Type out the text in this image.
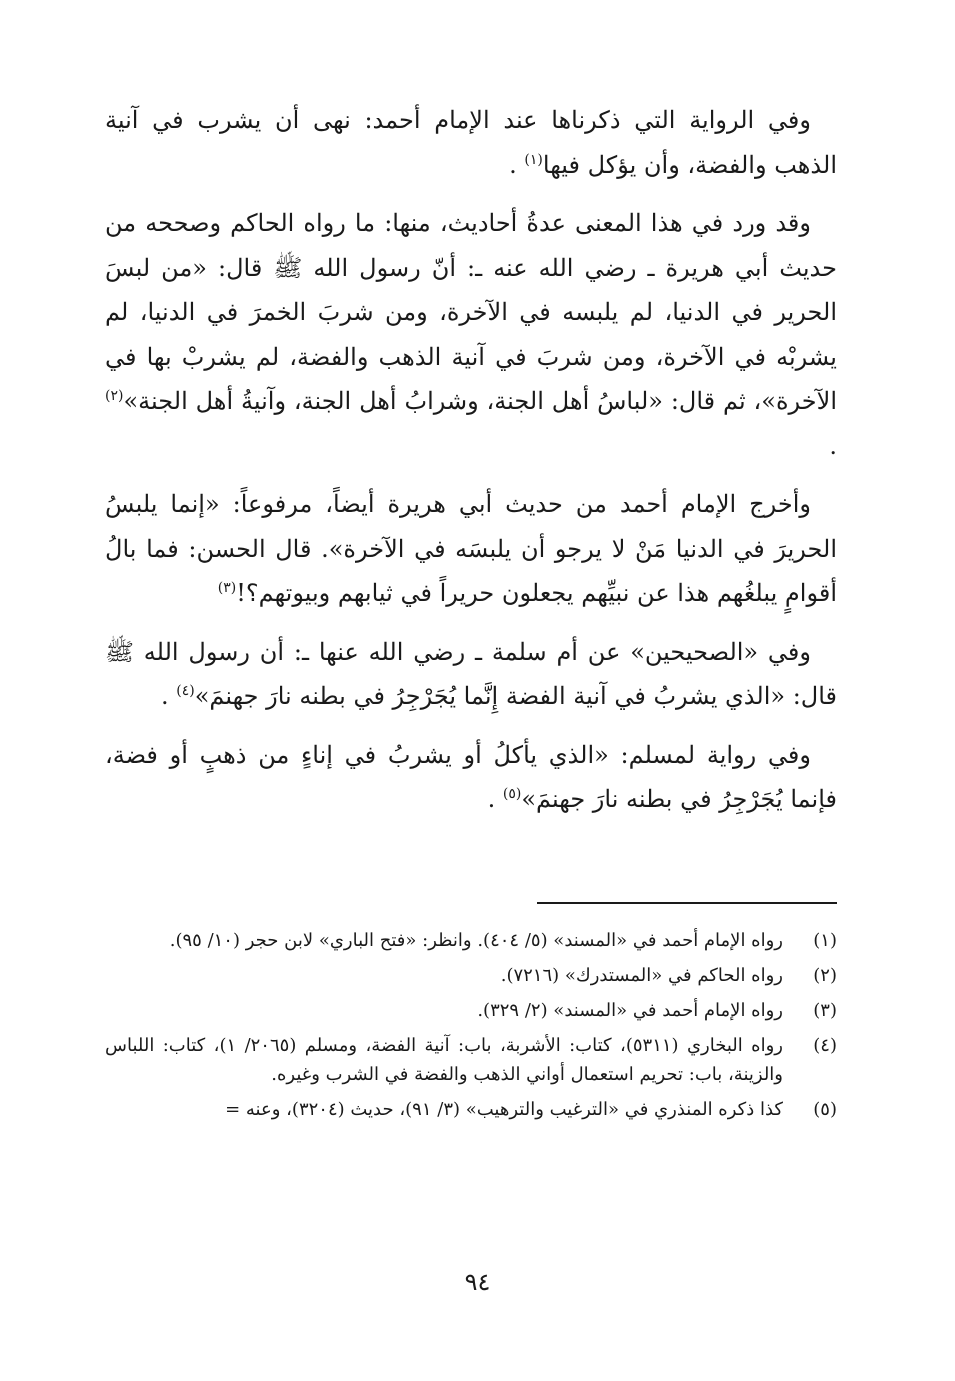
وفي الرواية التي ذكرناها عند الإمام أحمد: نهى أن يشرب في آنية الذهب والفضة، وأن يؤكل فيها$^{(١)}$ .

وقد ورد في هذا المعنى عدةُ أحاديث، منها: ما رواه الحاكم وصححه من حديث أبي هريرة ـ رضي الله عنه ـ: أنّ رسول الله ﷺ قال: «من لبسَ الحرير في الدنيا، لم يلبسه في الآخرة، ومن شربَ الخمرَ في الدنيا، لم يشربْه في الآخرة، ومن شربَ في آنية الذهب والفضة، لم يشربْ بها في الآخرة»، ثم قال: «لباسُ أهل الجنة، وشرابُ أهل الجنة، وآنيةُ أهل الجنة»$^{(٢)}$ .

وأخرج الإمام أحمد من حديث أبي هريرة أيضاً، مرفوعاً: «إنما يلبسُ الحريرَ في الدنيا مَنْ لا يرجو أن يلبسَه في الآخرة». قال الحسن: فما بالُ أقوامٍ يبلغُهم هذا عن نبيِّهم يجعلون حريراً في ثيابهم وبيوتهم؟!$^{(٣)}$

وفي «الصحيحين» عن أم سلمة ـ رضي الله عنها ـ: أن رسول الله ﷺ قال: «الذي يشربُ في آنية الفضة إِنَّما يُجَرْجِرُ في بطنه نارَ جهنمَ»$^{(٤)}$ .

وفي رواية لمسلم: «الذي يأكلُ أو يشربُ في إناءٍ من ذهبٍ أو فضة، فإنما يُجَرْجِرُ في بطنه نارَ جهنمَ»$^{(٥)}$ .

(١)
رواه الإمام أحمد في «المسند» (٥/ ٤٠٤). وانظر: «فتح الباري» لابن حجر (١٠/ ٩٥).
(٢)
رواه الحاكم في «المستدرك» (٧٢١٦).
(٣)
رواه الإمام أحمد في «المسند» (٢/ ٣٢٩).
(٤)
رواه البخاري (٥٣١١)، كتاب: الأشربة، باب: آنية الفضة، ومسلم (٢٠٦٥/ ١)، كتاب: اللباس والزينة، باب: تحريم استعمال أواني الذهب والفضة في الشرب وغيره.
(٥)
كذا ذكره المنذري في «الترغيب والترهيب» (٣/ ٩١)، حديث (٣٢٠٤)، وعنه =
٩٤
